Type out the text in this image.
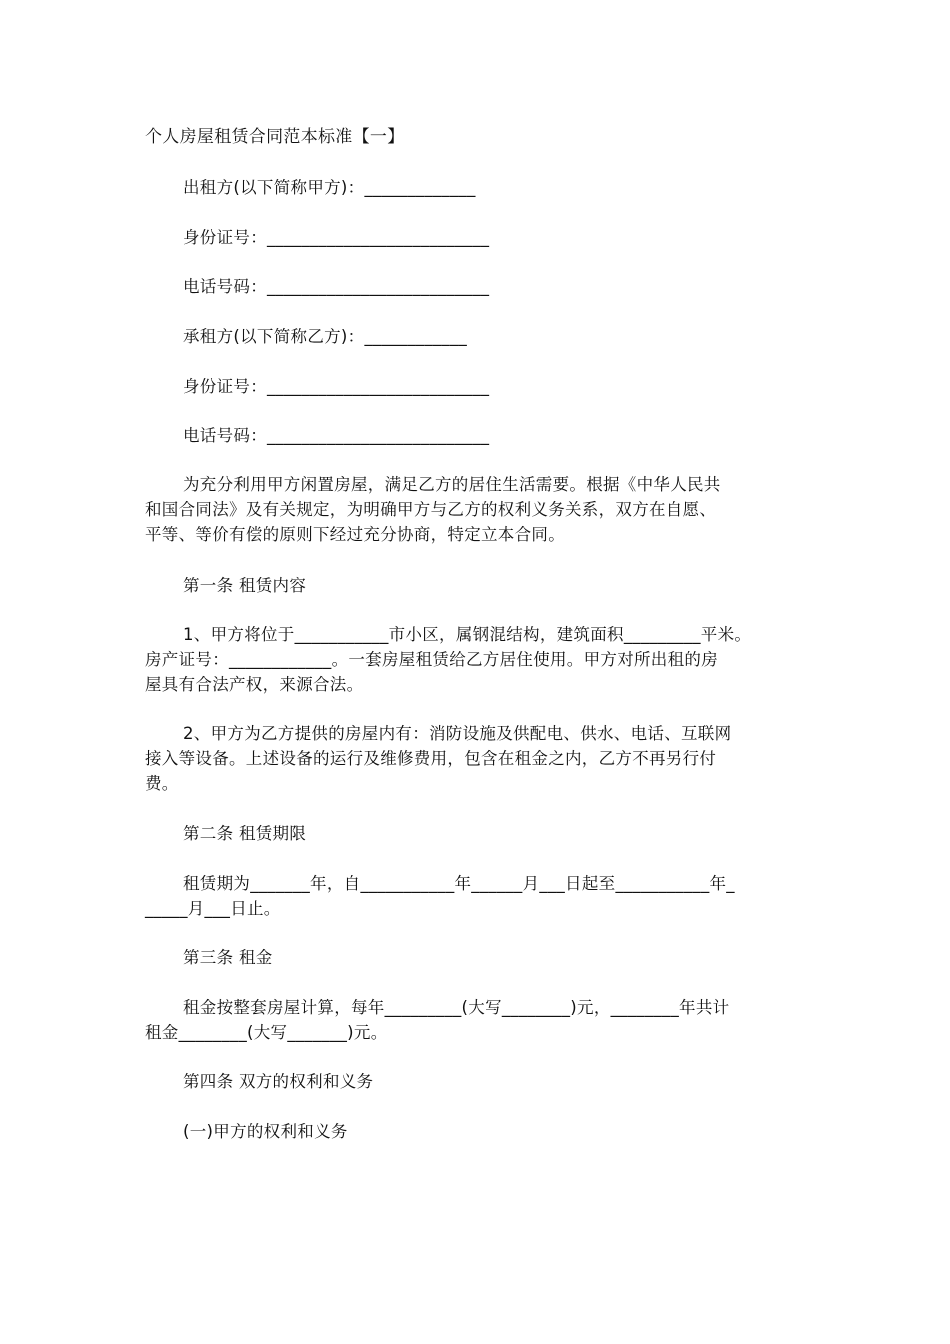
个人房屋租赁合同范本标准【一】
出租方(以下简称甲方)：_____________
身份证号：__________________________
电话号码：__________________________
承租方(以下简称乙方)：____________
身份证号：__________________________
电话号码：__________________________
为充分利用甲方闲置房屋，满足乙方的居住生活需要。根据《中华人民共
和国合同法》及有关规定，为明确甲方与乙方的权利义务关系，双方在自愿、
平等、等价有偿的原则下经过充分协商，特定立本合同。
第一条 租赁内容
1、甲方将位于___________市小区，属钢混结构，建筑面积_________平米。
房产证号：____________。一套房屋租赁给乙方居住使用。甲方对所出租的房
屋具有合法产权，来源合法。
2、甲方为乙方提供的房屋内有：消防设施及供配电、供水、电话、互联网
接入等设备。上述设备的运行及维修费用，包含在租金之内，乙方不再另行付
费。
第二条 租赁期限
租赁期为_______年，自___________年______月___日起至___________年_
_____月___日止。
第三条 租金
租金按整套房屋计算，每年_________(大写________)元，________年共计
租金________(大写_______)元。
第四条 双方的权利和义务
(一)甲方的权利和义务
